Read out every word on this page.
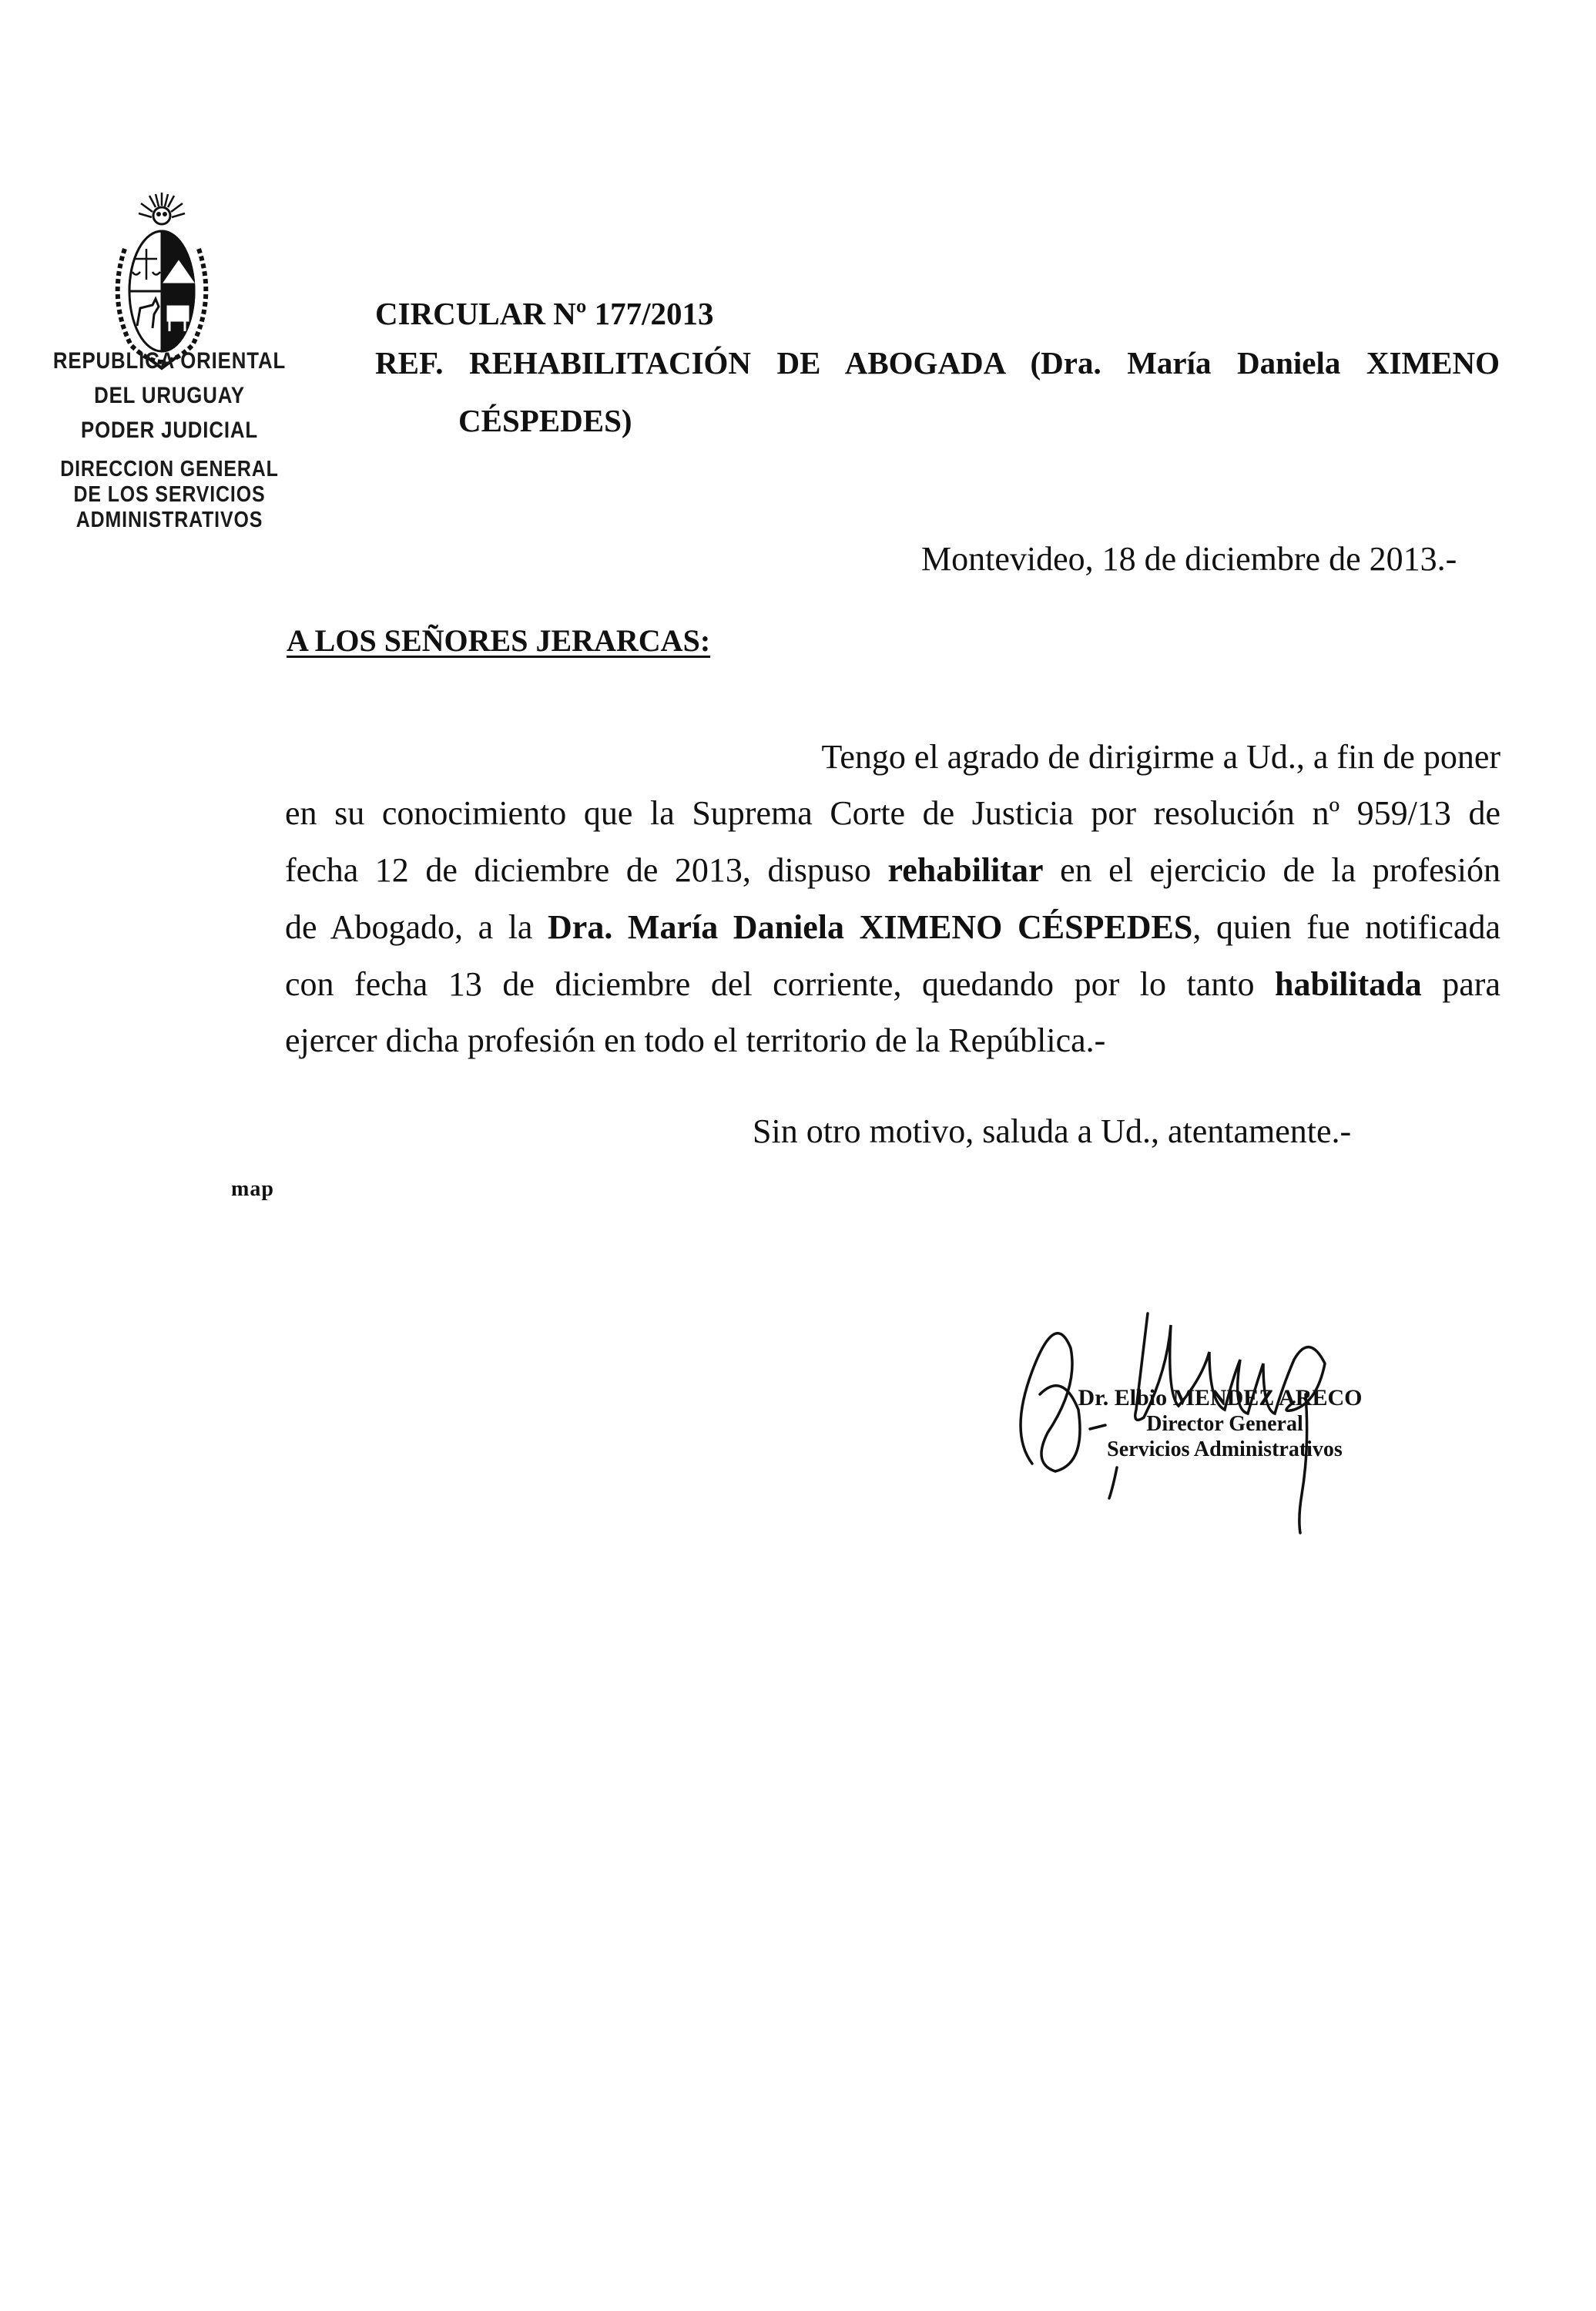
REPUBLICA ORIENTAL
DEL URUGUAY
PODER JUDICIAL
DIRECCION GENERAL
DE LOS SERVICIOS
ADMINISTRATIVOS
CIRCULAR Nº 177/2013
REF. REHABILITACIÓN DE ABOGADA (Dra. María Daniela XIMENO
CÉSPEDES)
Montevideo, 18 de diciembre de 2013.-
A LOS SEÑORES JERARCAS:
Tengo el agrado de dirigirme a Ud., a fin de poner
en su conocimiento que la Suprema Corte de Justicia por resolución nº 959/13 de
fecha 12 de diciembre de 2013, dispuso rehabilitar en el ejercicio de la profesión
de Abogado, a la Dra. María Daniela XIMENO CÉSPEDES, quien fue notificada
con fecha 13 de diciembre del corriente, quedando por lo tanto habilitada para
ejercer dicha profesión en todo el territorio de la República.-
Sin otro motivo, saluda a Ud., atentamente.-
map
Dr. Elbio MENDEZ ARECO
Director General
Servicios Administrativos
